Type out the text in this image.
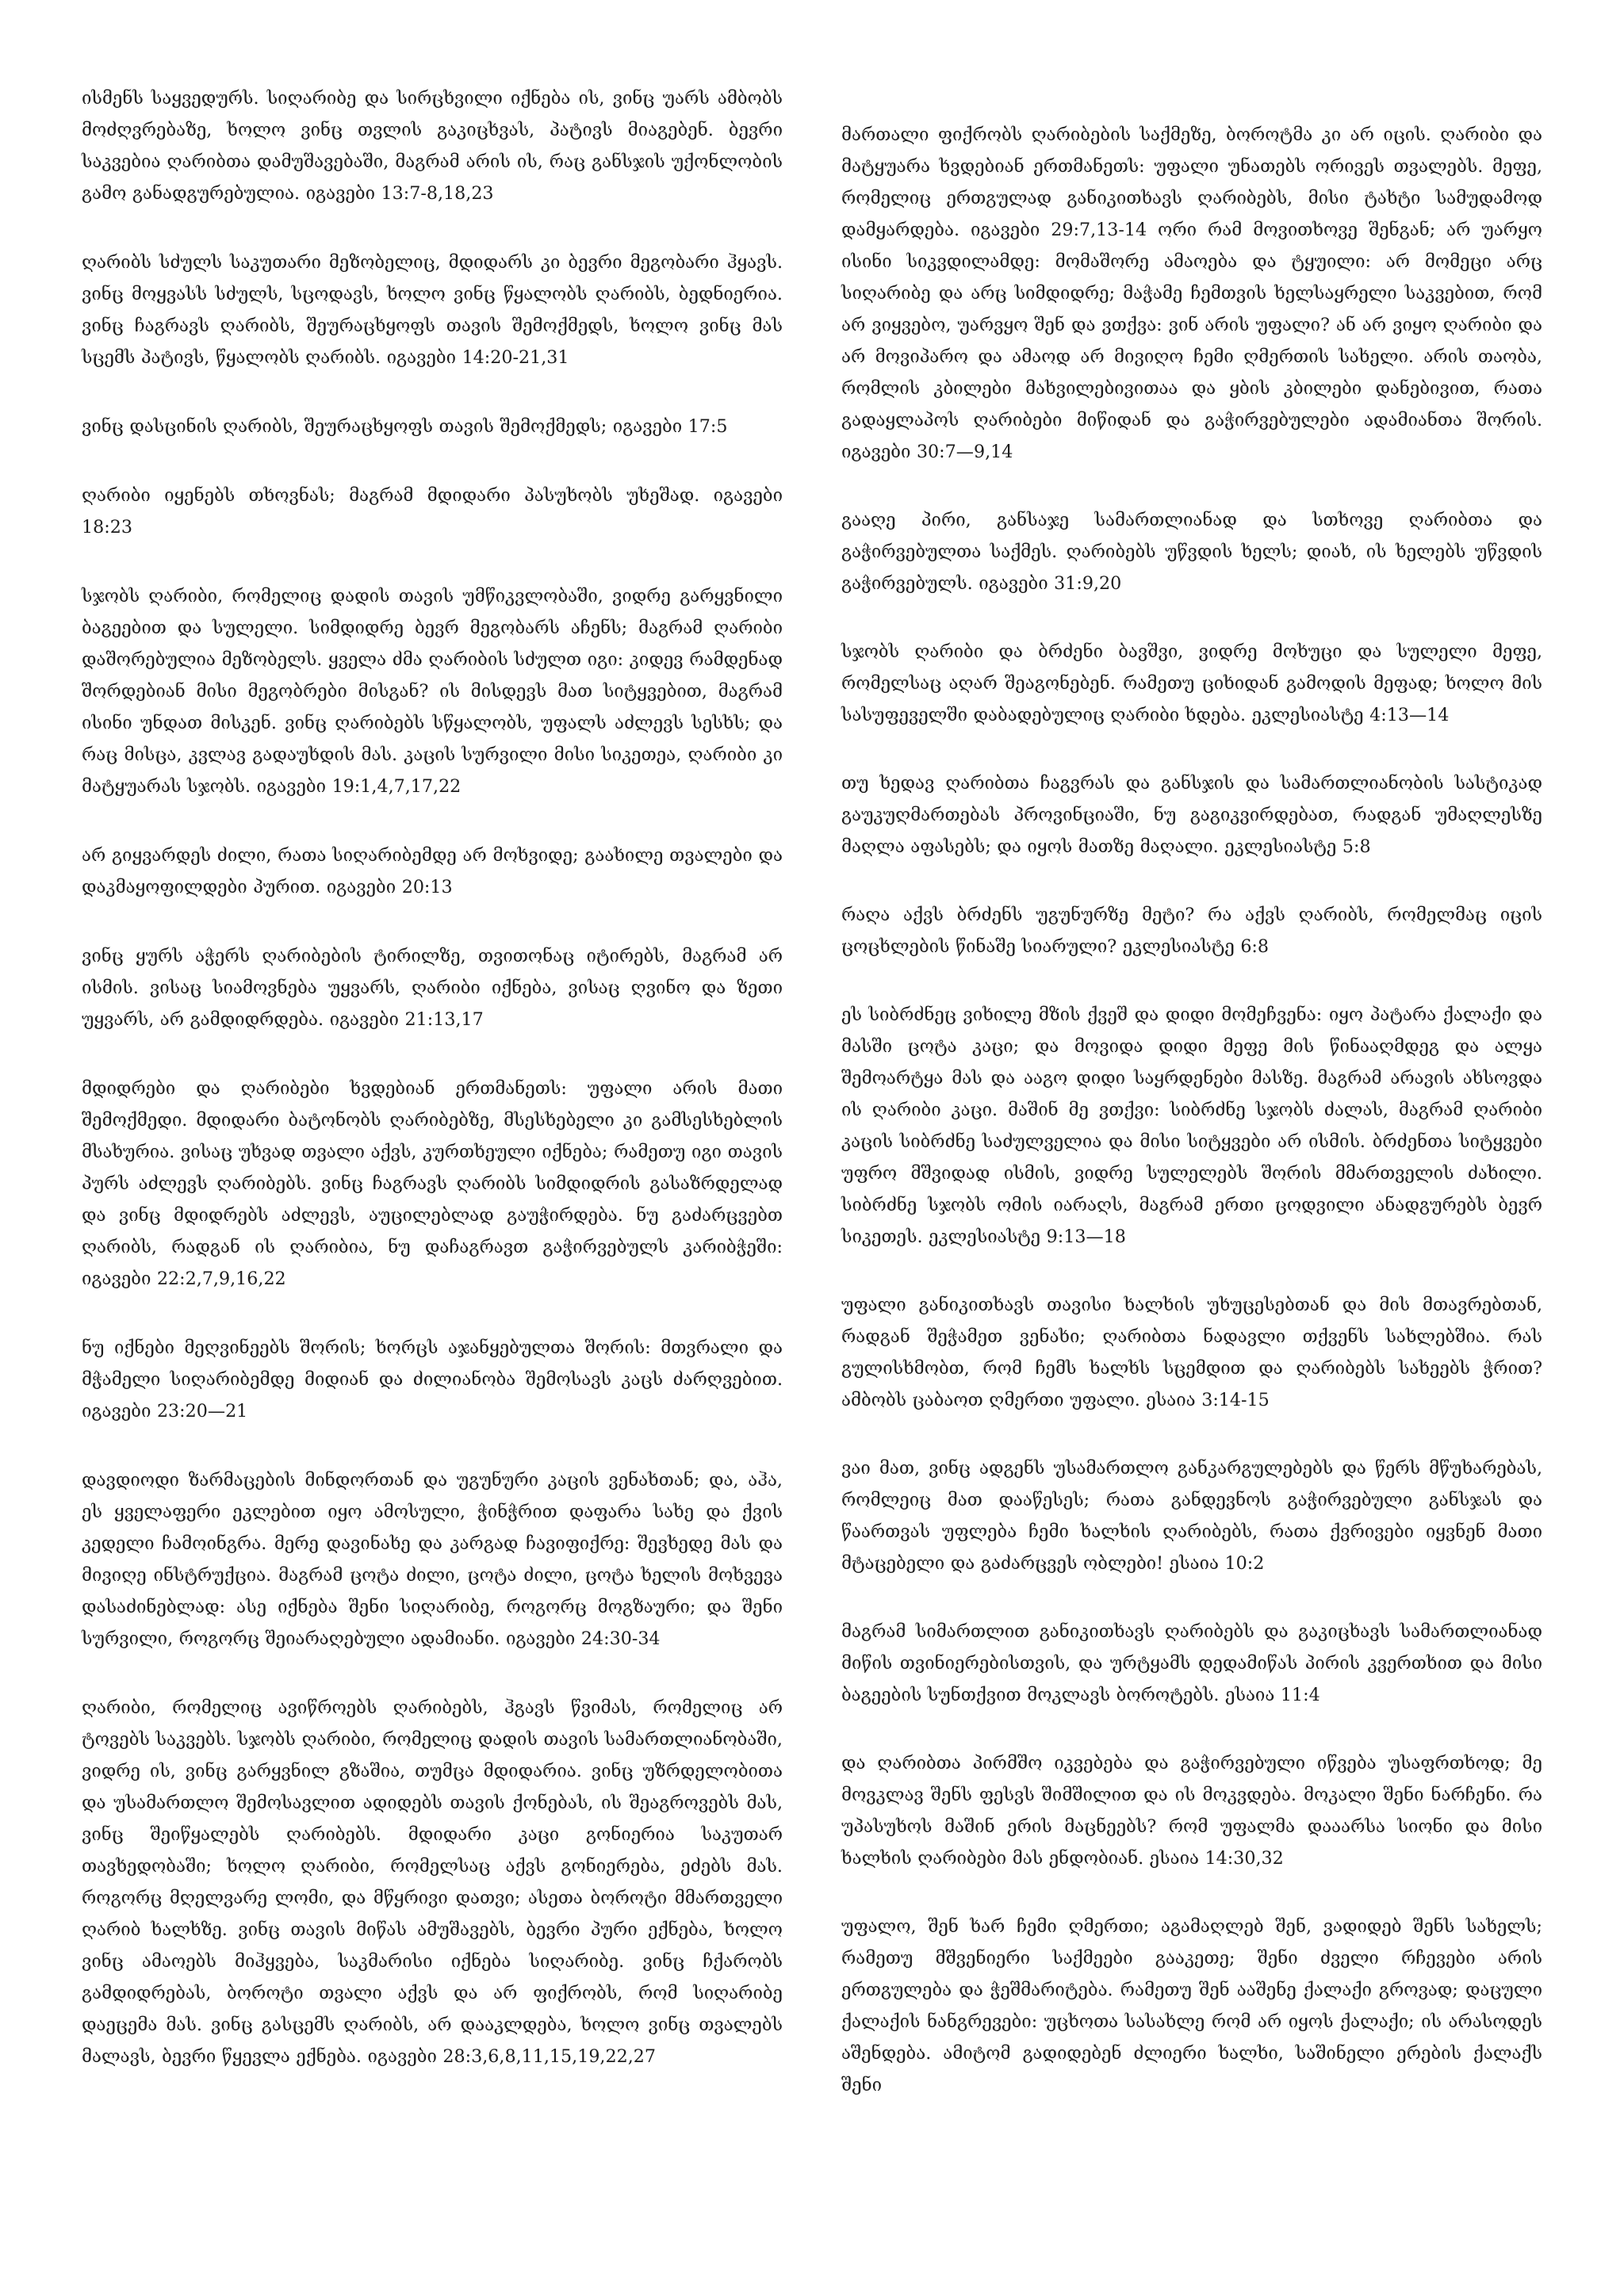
ისმენს საყვედურს. სიღარიბე და სირცხვილი იქნება ის, ვინც უარს ამბობს მოძღვრებაზე, ხოლო ვინც თვლის გაკიცხვას, პატივს მიაგებენ. ბევრი საკვებია ღარიბთა დამუშავებაში, მაგრამ არის ის, რაც განსჯის უქონლობის გამო განადგურებულია. იგავები 13:7-8,18,23

ღარიბს სძულს საკუთარი მეზობელიც, მდიდარს კი ბევრი მეგობარი ჰყავს. ვინც მოყვასს სძულს, სცოდავს, ხოლო ვინც წყალობს ღარიბს, ბედნიერია. ვინც ჩაგრავს ღარიბს, შეურაცხყოფს თავის შემოქმედს, ხოლო ვინც მას სცემს პატივს, წყალობს ღარიბს. იგავები 14:20-21,31

ვინც დასცინის ღარიბს, შეურაცხყოფს თავის შემოქმედს; იგავები 17:5

ღარიბი იყენებს თხოვნას; მაგრამ მდიდარი პასუხობს უხეშად. იგავები 18:23

სჯობს ღარიბი, რომელიც დადის თავის უმწიკვლობაში, ვიდრე გარყვნილი ბაგეებით და სულელი. სიმდიდრე ბევრ მეგობარს აჩენს; მაგრამ ღარიბი დაშორებულია მეზობელს. ყველა ძმა ღარიბის სძულთ იგი: კიდევ რამდენად შორდებიან მისი მეგობრები მისგან? ის მისდევს მათ სიტყვებით, მაგრამ ისინი უნდათ მისკენ. ვინც ღარიბებს სწყალობს, უფალს აძლევს სესხს; და რაც მისცა, კვლავ გადაუხდის მას. კაცის სურვილი მისი სიკეთეა, ღარიბი კი მატყუარას სჯობს. იგავები 19:1,4,7,17,22

არ გიყვარდეს ძილი, რათა სიღარიბემდე არ მოხვიდე; გაახილე თვალები და დაკმაყოფილდები პურით. იგავები 20:13

ვინც ყურს აჭერს ღარიბების ტირილზე, თვითონაც იტირებს, მაგრამ არ ისმის. ვისაც სიამოვნება უყვარს, ღარიბი იქნება, ვისაც ღვინო და ზეთი უყვარს, არ გამდიდრდება. იგავები 21:13,17

მდიდრები და ღარიბები ხვდებიან ერთმანეთს: უფალი არის მათი შემოქმედი. მდიდარი ბატონობს ღარიბებზე, მსესხებელი კი გამსესხებლის მსახურია. ვისაც უხვად თვალი აქვს, კურთხეული იქნება; რამეთუ იგი თავის პურს აძლევს ღარიბებს. ვინც ჩაგრავს ღარიბს სიმდიდრის გასაზრდელად და ვინც მდიდრებს აძლევს, აუცილებლად გაუჭირდება. ნუ გაძარცვებთ ღარიბს, რადგან ის ღარიბია, ნუ დაჩაგრავთ გაჭირვებულს კარიბჭეში: იგავები 22:2,7,9,16,22

ნუ იქნები მეღვინეებს შორის; ხორცს აჯანყებულთა შორის: მთვრალი და მჭამელი სიღარიბემდე მიდიან და ძილიანობა შემოსავს კაცს ძარღვებით. იგავები 23:20—21

დავდიოდი ზარმაცების მინდორთან და უგუნური კაცის ვენახთან; და, აჰა, ეს ყველაფერი ეკლებით იყო ამოსული, ჭინჭრით დაფარა სახე და ქვის კედელი ჩამოინგრა. მერე დავინახე და კარგად ჩავიფიქრე: შევხედე მას და მივიღე ინსტრუქცია. მაგრამ ცოტა ძილი, ცოტა ძილი, ცოტა ხელის მოხვევა დასაძინებლად: ასე იქნება შენი სიღარიბე, როგორც მოგზაური; და შენი სურვილი, როგორც შეიარაღებული ადამიანი. იგავები 24:30-34

ღარიბი, რომელიც ავიწროებს ღარიბებს, ჰგავს წვიმას, რომელიც არ ტოვებს საკვებს. სჯობს ღარიბი, რომელიც დადის თავის სამართლიანობაში, ვიდრე ის, ვინც გარყვნილ გზაშია, თუმცა მდიდარია. ვინც უზრდელობითა და უსამართლო შემოსავლით ადიდებს თავის ქონებას, ის შეაგროვებს მას, ვინც შეიწყალებს ღარიბებს. მდიდარი კაცი გონიერია საკუთარ თავხედობაში; ხოლო ღარიბი, რომელსაც აქვს გონიერება, ეძებს მას. როგორც მღელვარე ლომი, და მწყრივი დათვი; ასეთა ბოროტი მმართველი ღარიბ ხალხზე. ვინც თავის მიწას ამუშავებს, ბევრი პური ექნება, ხოლო ვინც ამაოებს მიჰყვება, საკმარისი იქნება სიღარიბე. ვინც ჩქარობს გამდიდრებას, ბოროტი თვალი აქვს და არ ფიქრობს, რომ სიღარიბე დაეცემა მას. ვინც გასცემს ღარიბს, არ დააკლდება, ხოლო ვინც თვალებს მალავს, ბევრი წყევლა ექნება. იგავები 28:3,6,8,11,15,19,22,27

მართალი ფიქრობს ღარიბების საქმეზე, ბოროტმა კი არ იცის. ღარიბი და მატყუარა ხვდებიან ერთმანეთს: უფალი უნათებს ორივეს თვალებს. მეფე, რომელიც ერთგულად განიკითხავს ღარიბებს, მისი ტახტი სამუდამოდ დამყარდება. იგავები 29:7,13-14 ორი რამ მოვითხოვე შენგან; არ უარყო ისინი სიკვდილამდე: მომაშორე ამაოება და ტყუილი: არ მომეცი არც სიღარიბე და არც სიმდიდრე; მაჭამე ჩემთვის ხელსაყრელი საკვებით, რომ არ ვიყვებო, უარვყო შენ და ვთქვა: ვინ არის უფალი? ან არ ვიყო ღარიბი და არ მოვიპარო და ამაოდ არ მივიღო ჩემი ღმერთის სახელი. არის თაობა, რომლის კბილები მახვილებივითაა და ყბის კბილები დანებივით, რათა გადაყლაპოს ღარიბები მიწიდან და გაჭირვებულები ადამიანთა შორის. იგავები 30:7—9,14

გააღე პირი, განსაჯე სამართლიანად და სთხოვე ღარიბთა და გაჭირვებულთა საქმეს. ღარიბებს უწვდის ხელს; დიახ, ის ხელებს უწვდის გაჭირვებულს. იგავები 31:9,20

სჯობს ღარიბი და ბრძენი ბავშვი, ვიდრე მოხუცი და სულელი მეფე, რომელსაც აღარ შეაგონებენ. რამეთუ ციხიდან გამოდის მეფად; ხოლო მის სასუფეველში დაბადებულიც ღარიბი ხდება. ეკლესიასტე 4:13—14

თუ ხედავ ღარიბთა ჩაგვრას და განსჯის და სამართლიანობის სასტიკად გაუკუღმართებას პროვინციაში, ნუ გაგიკვირდებათ, რადგან უმაღლესზე მაღლა აფასებს; და იყოს მათზე მაღალი. ეკლესიასტე 5:8

რაღა აქვს ბრძენს უგუნურზე მეტი? რა აქვს ღარიბს, რომელმაც იცის ცოცხლების წინაშე სიარული? ეკლესიასტე 6:8

ეს სიბრძნეც ვიხილე მზის ქვეშ და დიდი მომეჩვენა: იყო პატარა ქალაქი და მასში ცოტა კაცი; და მოვიდა დიდი მეფე მის წინააღმდეგ და ალყა შემოარტყა მას და ააგო დიდი საყრდენები მასზე. მაგრამ არავის ახსოვდა ის ღარიბი კაცი. მაშინ მე ვთქვი: სიბრძნე სჯობს ძალას, მაგრამ ღარიბი კაცის სიბრძნე საძულველია და მისი სიტყვები არ ისმის. ბრძენთა სიტყვები უფრო მშვიდად ისმის, ვიდრე სულელებს შორის მმართველის ძახილი. სიბრძნე სჯობს ომის იარაღს, მაგრამ ერთი ცოდვილი ანადგურებს ბევრ სიკეთეს. ეკლესიასტე 9:13—18

უფალი განიკითხავს თავისი ხალხის უხუცესებთან და მის მთავრებთან, რადგან შეჭამეთ ვენახი; ღარიბთა ნადავლი თქვენს სახლებშია. რას გულისხმობთ, რომ ჩემს ხალხს სცემდით და ღარიბებს სახეებს ჭრით? ამბობს ცაბაოთ ღმერთი უფალი. ესაია 3:14-15

ვაი მათ, ვინც ადგენს უსამართლო განკარგულებებს და წერს მწუხარებას, რომლეიც მათ დააწესეს; რათა განდევნოს გაჭირვებული განსჯას და წაართვას უფლება ჩემი ხალხის ღარიბებს, რათა ქვრივები იყვნენ მათი მტაცებელი და გაძარცვეს ობლები! ესაია 10:2

მაგრამ სიმართლით განიკითხავს ღარიბებს და გაკიცხავს სამართლიანად მიწის თვინიერებისთვის, და ურტყამს დედამიწას პირის კვერთხით და მისი ბაგეების სუნთქვით მოკლავს ბოროტებს. ესაია 11:4

და ღარიბთა პირმშო იკვებება და გაჭირვებული იწვება უსაფრთხოდ; მე მოვკლავ შენს ფესვს შიმშილით და ის მოკვდება. მოკალი შენი ნარჩენი. რა უპასუხოს მაშინ ერის მაცნეებს? რომ უფალმა დააარსა სიონი და მისი ხალხის ღარიბები მას ენდობიან. ესაია 14:30,32

უფალო, შენ ხარ ჩემი ღმერთი; აგამაღლებ შენ, ვადიდებ შენს სახელს; რამეთუ მშვენიერი საქმეები გააკეთე; შენი ძველი რჩევები არის ერთგულება და ჭეშმარიტება. რამეთუ შენ ააშენე ქალაქი გროვად; დაცული ქალაქის ნანგრევები: უცხოთა სასახლე რომ არ იყოს ქალაქი; ის არასოდეს აშენდება. ამიტომ გადიდებენ ძლიერი ხალხი, საშინელი ერების ქალაქს შენი
